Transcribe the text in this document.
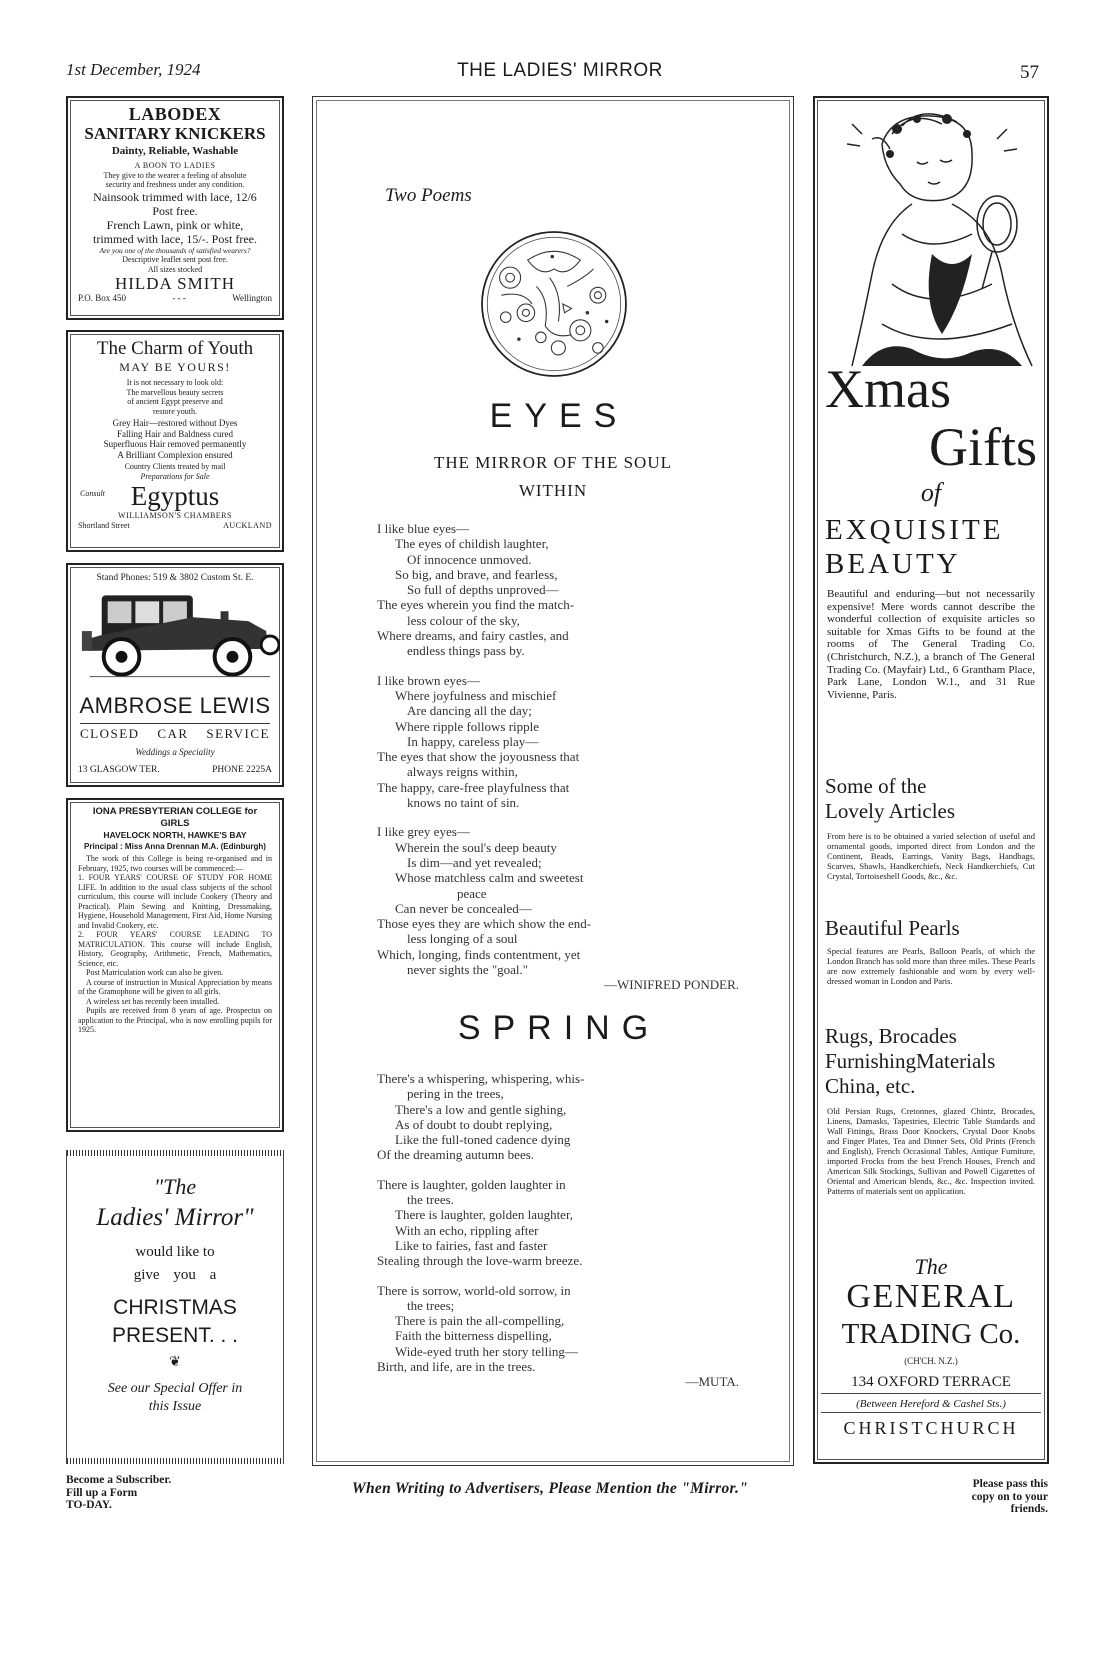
1st December, 1924	THE LADIES' MIRROR	57
LABODEX
SANITARY KNICKERS
Dainty, Reliable, Washable
A BOON TO LADIES
They give to the wearer a feeling of absolute
security and freshness under any condition.
Nainsook trimmed with lace, 12/6
Post free.
French Lawn, pink or white,
trimmed with lace, 15/-. Post free.
Are you one of the thousands of satisfied wearers?
Descriptive leaflet sent post free.
All sizes stocked
HILDA SMITH
P.O. Box 450	- - -	Wellington
The Charm of Youth
MAY BE YOURS!
It is not necessary to look old:
The marvellous beauty secrets
of ancient Egypt preserve and
restore youth.
Grey Hair—restored without Dyes
Falling Hair and Baldness cured
Superfluous Hair removed permanently
A Brilliant Complexion ensured
Country Clients treated by mail
Preparations for Sale
Consult Egyptus
WILLIAMSON'S CHAMBERS
Shortland Street	AUCKLAND
Stand Phones: 519 & 3802 Custom St. E.
AMBROSE LEWIS
CLOSED CAR SERVICE
Weddings a Speciality
13 GLASGOW TER.	PHONE 2225A
IONA PRESBYTERIAN COLLEGE for GIRLS
HAVELOCK NORTH, HAWKE'S BAY
Principal : Miss Anna Drennan M.A. (Edinburgh)
The work of this College is being re-organised and in February, 1925, two courses will be commenced:—
1. FOUR YEARS' COURSE OF STUDY FOR HOME LIFE. In addition to the usual class subjects of the school curriculum, this course will include Cookery (Theory and Practical). Plain Sewing and Knitting, Dressmaking, Hygiene, Household Management, First Aid, Home Nursing and Invalid Cookery, etc.
2. FOUR YEARS' COURSE LEADING TO MATRICULATION. This course will include English, History, Geography, Arithmetic, French, Mathematics, Science, etc.
Post Matriculation work can also be given.
A course of instruction in Musical Appreciation by means of the Gramophone will be given to all girls.
A wireless set has recently been installed.
Pupils are received from 8 years of age. Prospectus on application to the Principal, who is now enrolling pupils for 1925.
"The
Ladies' Mirror"
would like to
give you a
CHRISTMAS
PRESENT. . .
❦
See our Special Offer in
this Issue
Two Poems
EYES
THE MIRROR OF THE SOUL
WITHIN

I like blue eyes—

The eyes of childish laughter,

Of innocence unmoved.

So big, and brave, and fearless,

So full of depths unproved—

The eyes wherein you find the match-

less colour of the sky,

Where dreams, and fairy castles, and

endless things pass by.

I like brown eyes—

Where joyfulness and mischief

Are dancing all the day;

Where ripple follows ripple

In happy, careless play—

The eyes that show the joyousness that

always reigns within,

The happy, care-free playfulness that

knows no taint of sin.

I like grey eyes—

Wherein the soul's deep beauty

Is dim—and yet revealed;

Whose matchless calm and sweetest

peace

Can never be concealed—

Those eyes they are which show the end-

less longing of a soul

Which, longing, finds contentment, yet

never sights the "goal."

—WINIFRED PONDER.
SPRING

There's a whispering, whispering, whis-

pering in the trees,

There's a low and gentle sighing,

As of doubt to doubt replying,

Like the full-toned cadence dying

Of the dreaming autumn bees.

There is laughter, golden laughter in

the trees.

There is laughter, golden laughter,

With an echo, rippling after

Like to fairies, fast and faster

Stealing through the love-warm breeze.

There is sorrow, world-old sorrow, in

the trees;

There is pain the all-compelling,

Faith the bitterness dispelling,

Wide-eyed truth her story telling—

Birth, and life, are in the trees.

—MUTA.
Xmas
Gifts
of
EXQUISITE
BEAUTY
Beautiful and enduring—but not necessarily expensive! Mere words cannot describe the wonderful collection of exquisite articles so suitable for Xmas Gifts to be found at the rooms of The General Trading Co. (Christchurch, N.Z.), a branch of The General Trading Co. (Mayfair) Ltd., 6 Grantham Place, Park Lane, London W.1., and 31 Rue Vivienne, Paris.
Some of the
Lovely Articles
From here is to be obtained a varied selection of useful and ornamental goods, imported direct from London and the Continent, Beads, Earrings, Vanity Bags, Handbags, Scarves, Shawls, Handkerchiefs, Neck Handkerchiefs, Cut Crystal, Tortoiseshell Goods, &c., &c.
Beautiful Pearls
Special features are Pearls, Balloon Pearls, of which the London Branch has sold more than three miles. These Pearls are now extremely fashionable and worn by every well-dressed woman in London and Paris.
Rugs, Brocades
FurnishingMaterials
China, etc.
Old Persian Rugs, Cretonnes, glazed Chintz, Brocades, Linens, Damasks, Tapestries, Electric Table Standards and Wall Fittings, Brass Door Knockers, Crystal Door Knobs and Finger Plates, Tea and Dinner Sets, Old Prints (French and English), French Occasional Tables, Antique Furniture, imported Frocks from the best French Houses, French and American Silk Stockings, Sullivan and Powell Cigarettes of Oriental and American blends, &c., &c. Inspection invited. Patterns of materials sent on application.
The
GENERAL
TRADING Co.
(CH'CH. N.Z.)
134 OXFORD TERRACE
(Between Hereford & Cashel Sts.)
CHRISTCHURCH
Become a Subscriber.
Fill up a Form
TO-DAY.
When Writing to Advertisers, Please Mention the "Mirror."	Please pass this
copy on to your
friends.
